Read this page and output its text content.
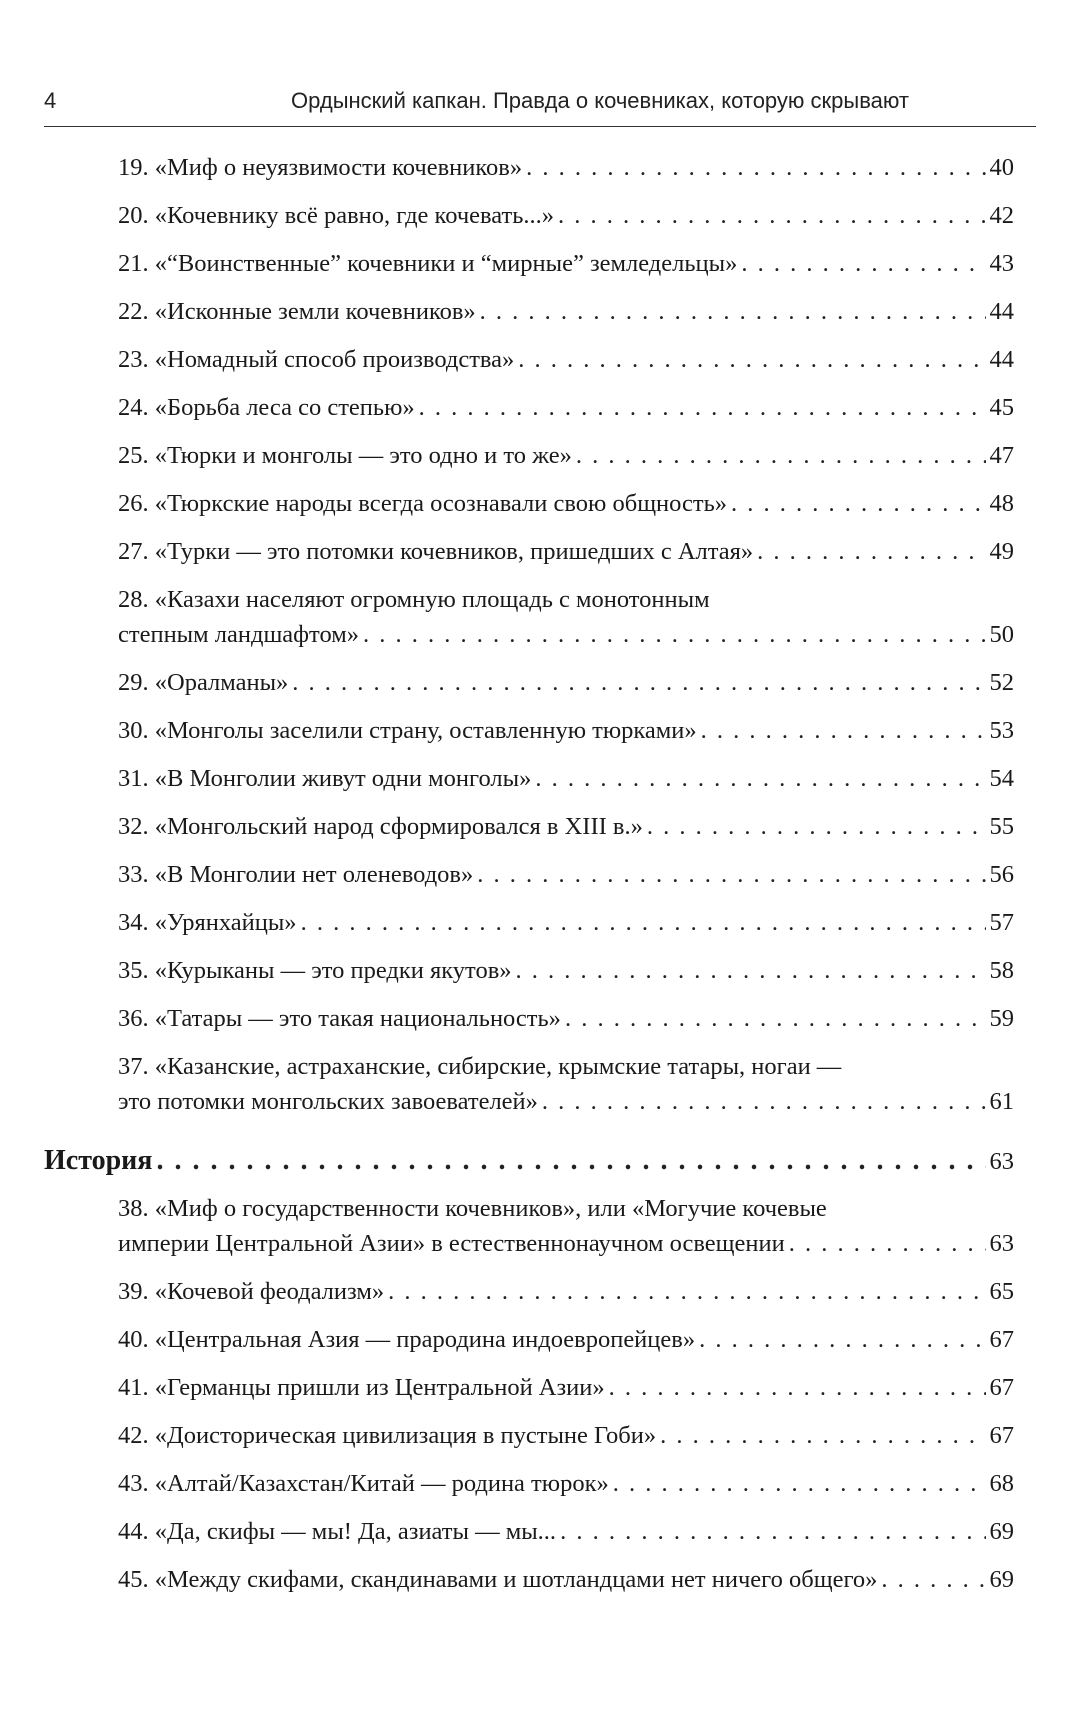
4	Ордынский капкан. Правда о кочевниках, которую скрывают
19. «Миф о неуязвимости кочевников» . . .	40
20. «Кочевнику всё равно, где кочевать...» . . .	42
21. «“Воинственные” кочевники и “мирные” земледельцы» . . .	43
22. «Исконные земли кочевников» . . .	44
23. «Номадный способ производства» . . .	44
24. «Борьба леса со степью» . . .	45
25. «Тюрки и монголы — это одно и то же» . . .	47
26. «Тюркские народы всегда осознавали свою общность» . . .	48
27. «Турки — это потомки кочевников, пришедших с Алтая» . . .	49
28. «Казахи населяют огромную площадь с монотонным
степным ландшафтом» . . .	50
29. «Оралманы» . . .	52
30. «Монголы заселили страну, оставленную тюрками» . . .	53
31. «В Монголии живут одни монголы» . . .	54
32. «Монгольский народ сформировался в XIII в.» . . .	55
33. «В Монголии нет оленеводов» . . .	56
34. «Урянхайцы» . . .	57
35. «Курыканы — это предки якутов» . . .	58
36. «Татары — это такая национальность» . . .	59
37. «Казанские, астраханские, сибирские, крымские татары, ногаи —
это потомки монгольских завоевателей» . . .	61
История . . .	63
38. «Миф о государственности кочевников», или «Могучие кочевые
империи Центральной Азии» в естественнонаучном освещении . . .	63
39. «Кочевой феодализм» . . .	65
40. «Центральная Азия — прародина индоевропейцев» . . .	67
41. «Германцы пришли из Центральной Азии» . . .	67
42. «Доисторическая цивилизация в пустыне Гоби» . . .	67
43. «Алтай/Казахстан/Китай — родина тюрок» . . .	68
44. «Да, скифы — мы! Да, азиаты — мы... . . .	69
45. «Между скифами, скандинавами и шотландцами нет ничего общего» . . .	69
